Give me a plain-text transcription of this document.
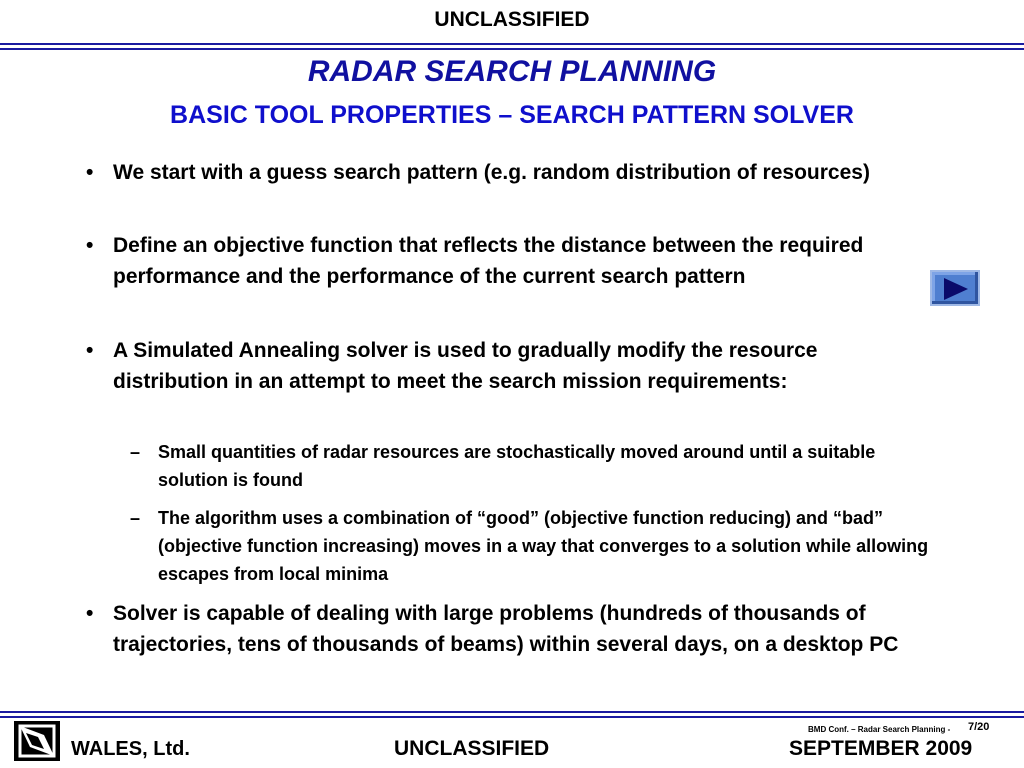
UNCLASSIFIED
RADAR SEARCH PLANNING
BASIC TOOL PROPERTIES – SEARCH PATTERN SOLVER
• We start with a guess search pattern (e.g. random distribution of resources)
• Define an objective function that reflects the distance between the required performance and the performance of the current search pattern
• A Simulated Annealing solver is used to gradually modify the resource distribution in an attempt to meet the search mission requirements:
– Small quantities of radar resources are stochastically moved around until a suitable solution is found
– The algorithm uses a combination of “good” (objective function reducing) and “bad” (objective function increasing) moves in a way that converges to a solution while allowing escapes from local minima
• Solver is capable of dealing with large problems (hundreds of thousands of trajectories, tens of thousands of beams) within several days, on a desktop PC
WALES, Ltd.	UNCLASSIFIED
BMD Conf. – Radar Search Planning - 7/20
SEPTEMBER 2009
